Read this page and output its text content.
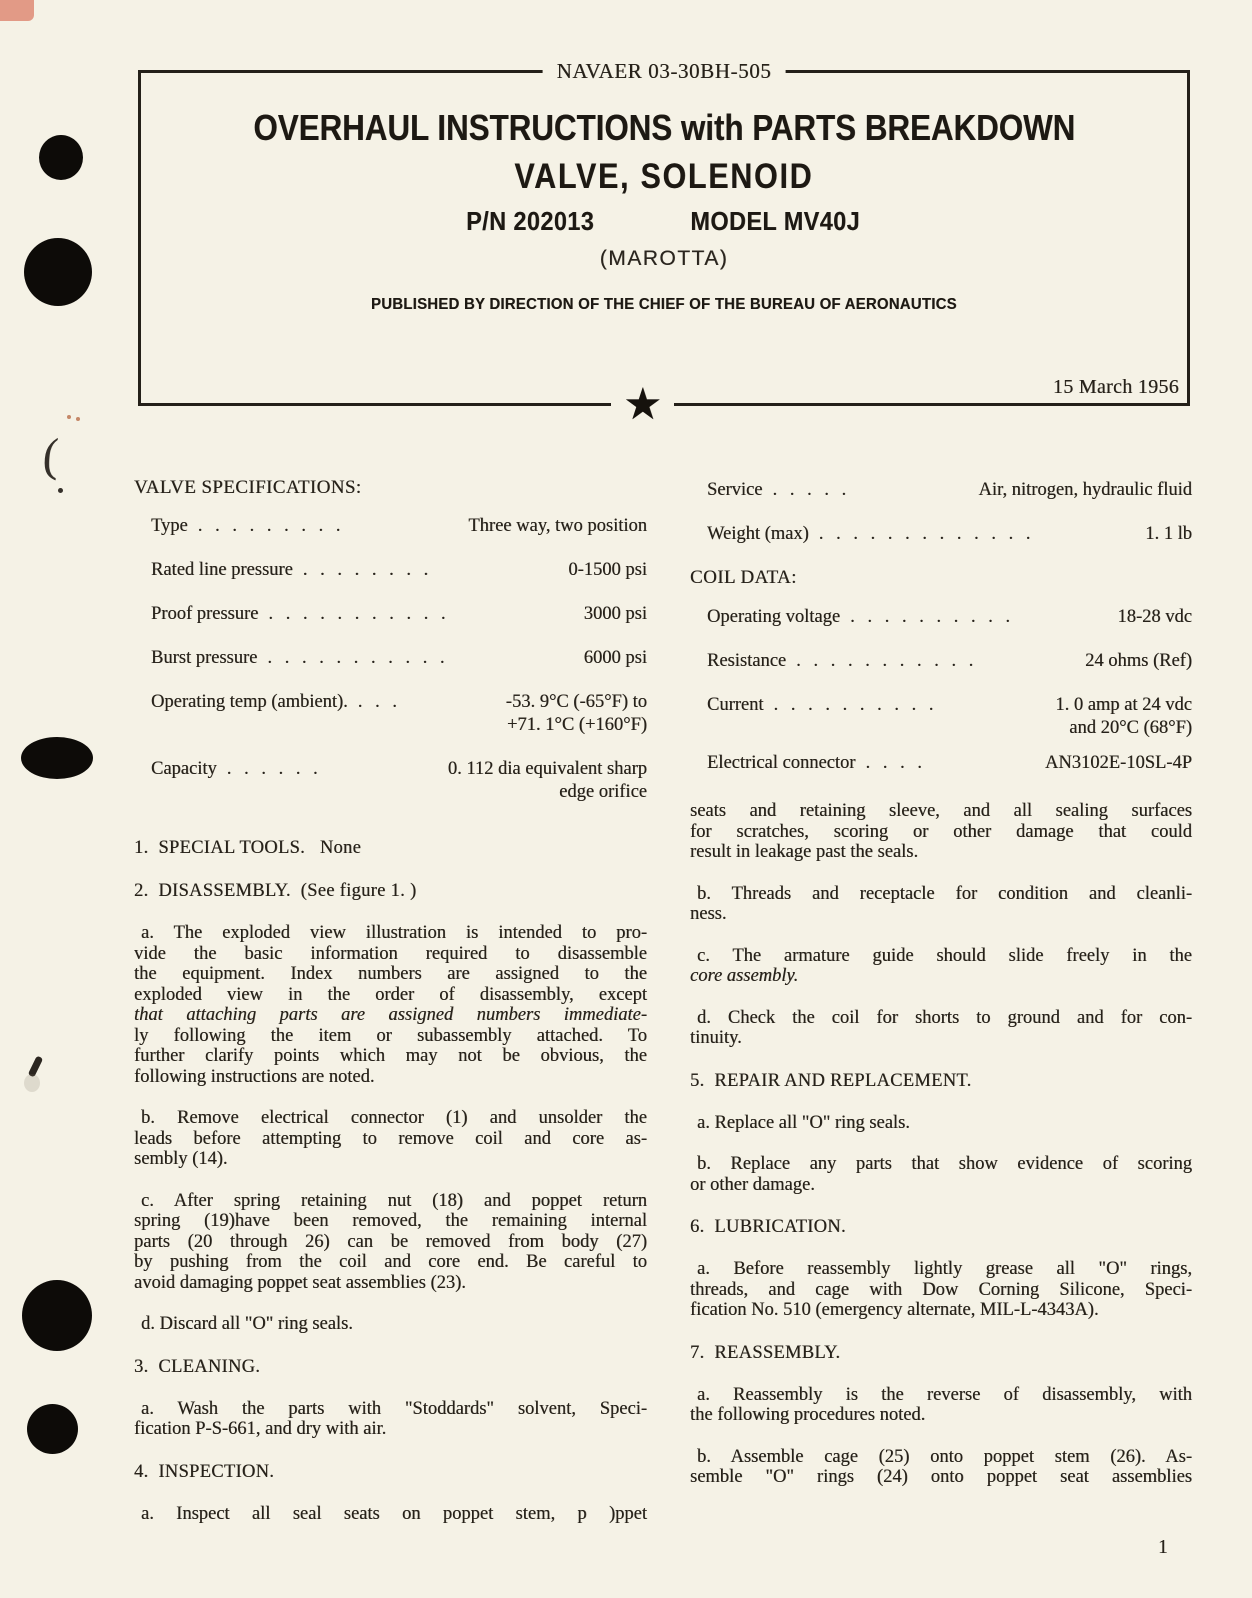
(
NAVAER 03-30BH-505
OVERHAUL INSTRUCTIONS with PARTS BREAKDOWN
VALVE, SOLENOID
P/N 202013	MODEL MV40J
(MAROTTA)
PUBLISHED BY DIRECTION OF THE CHIEF OF THE BUREAU OF AERONAUTICS
15 March 1956
★
VALVE SPECIFICATIONS:
Type . . . . . . . . .	Three way, two position
Rated line pressure . . . . . . . .	0-1500 psi
Proof pressure . . . . . . . . . . .	3000 psi
Burst pressure . . . . . . . . . . .	6000 psi
Operating temp (ambient). . . .	-53. 9°C (-65°F) to
+71. 1°C (+160°F)
Capacity . . . . . .	0. 112 dia equivalent sharp
edge orifice
1.  SPECIAL TOOLS.   None
2.  DISASSEMBLY.  (See figure 1. )
a. The exploded view illustration is intended to pro-
vide the basic information required to disassemble
the equipment. Index numbers are assigned to the
exploded view in the order of disassembly, except
that attaching parts are assigned numbers immediate-
ly following the item or subassembly attached. To
further clarify points which may not be obvious, the
following instructions are noted.
b. Remove electrical connector (1) and unsolder the
leads before attempting to remove coil and core as-
sembly (14).
c. After spring retaining nut (18) and poppet return
spring (19)have been removed, the remaining internal
parts (20 through 26) can be removed from body (27)
by pushing from the coil and core end. Be careful to
avoid damaging poppet seat assemblies (23).
d. Discard all "O" ring seals.
3.  CLEANING.
a. Wash the parts with "Stoddards" solvent, Speci-
fication P-S-661, and dry with air.
4.  INSPECTION.
a. Inspect all seal seats on poppet stem, p )ppet
Service . . . . .	Air, nitrogen, hydraulic fluid
Weight (max) . . . . . . . . . . . . .	1. 1 lb
COIL DATA:
Operating voltage . . . . . . . . . .	18-28 vdc
Resistance . . . . . . . . . . .	24 ohms (Ref)
Current . . . . . . . . . .	1. 0 amp at 24 vdc
and 20°C (68°F)
Electrical connector . . . .	AN3102E-10SL-4P
seats and retaining sleeve, and all sealing surfaces
for scratches, scoring or other damage that could
result in leakage past the seals.
b. Threads and receptacle for condition and cleanli-
ness.
c. The armature guide should slide freely in the
core assembly.
d. Check the coil for shorts to ground and for con-
tinuity.
5.  REPAIR AND REPLACEMENT.
a. Replace all "O" ring seals.
b. Replace any parts that show evidence of scoring
or other damage.
6.  LUBRICATION.
a. Before reassembly lightly grease all "O" rings,
threads, and cage with Dow Corning Silicone, Speci-
fication No. 510 (emergency alternate, MIL-L-4343A).
7.  REASSEMBLY.
a. Reassembly is the reverse of disassembly, with
the following procedures noted.
b. Assemble cage (25) onto poppet stem (26). As-
semble "O" rings (24) onto poppet seat assemblies
1
